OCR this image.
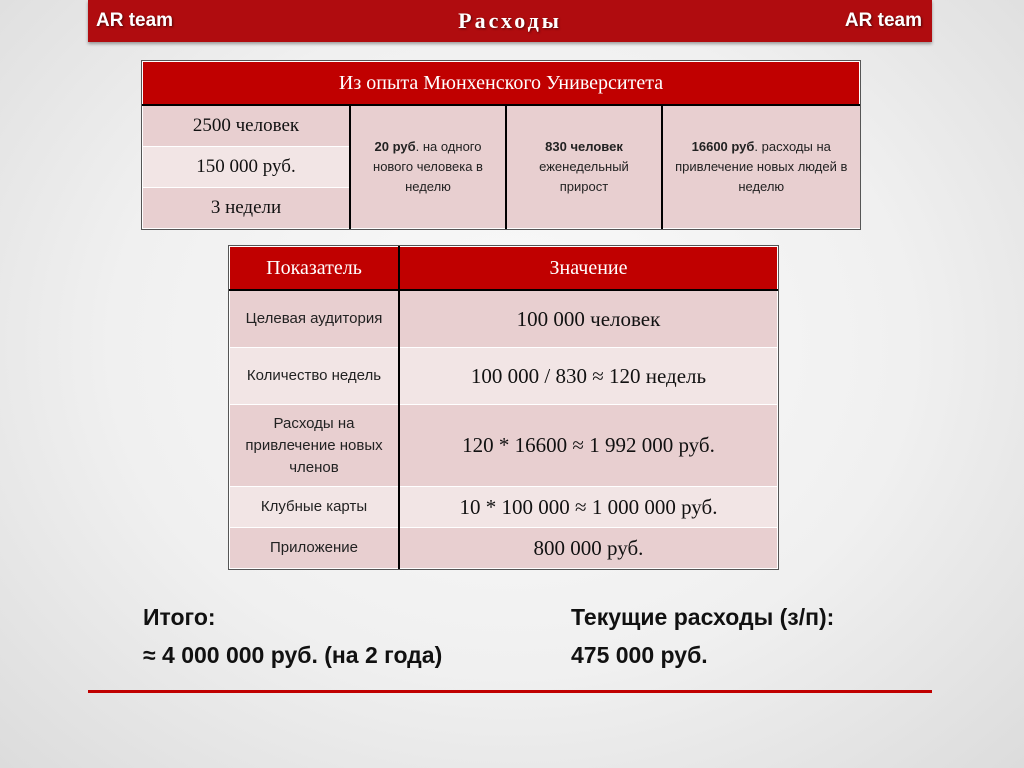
AR team	Расходы	AR team
Из опыта Мюнхенского Университета
2500 человек	20 руб. на одного нового человека в неделю	830 человек еженедельный прирост	16600 руб. расходы на привлечение новых людей в неделю
150 000 руб.
3 недели
Показатель	Значение
Целевая аудитория	100 000 человек
Количество недель	100 000 / 830 ≈ 120 недель
Расходы на привлечение новых членов	120 * 16600 ≈ 1 992 000 руб.
Клубные карты	10 * 100 000 ≈ 1 000 000 руб.
Приложение	800 000 руб.
Итого:
≈ 4 000 000 руб. (на 2 года)
Текущие расходы (з/п):
475 000 руб.
